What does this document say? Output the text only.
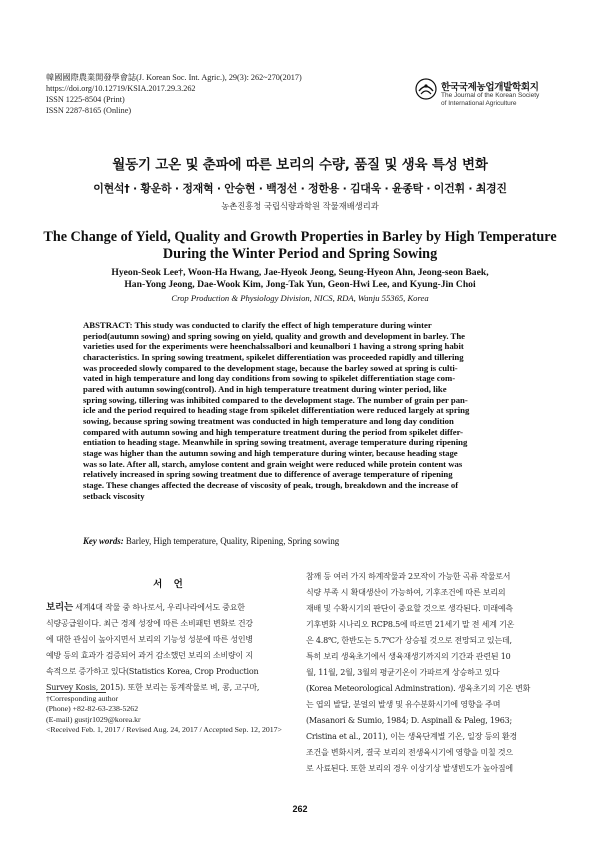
韓國國際農業開發學會誌(J. Korean Soc. Int. Agric.), 29(3): 262~270(2017)
https://doi.org/10.12719/KSIA.2017.29.3.262
ISSN 1225-8504 (Print)
ISSN 2287-8165 (Online)
한국국제농업개발학회지
The Journal of the Korean Society
of International Agriculture
월동기 고온 및 춘파에 따른 보리의 수량, 품질 및 생육 특성 변화
이현석† · 황운하 · 정재혁 · 안승현 · 백정선 · 정한용 · 김대욱 · 윤종탁 · 이건휘 · 최경진
농촌진흥청 국립식량과학원 작물재배생리과
The Change of Yield, Quality and Growth Properties in Barley by High Temperature
During the Winter Period and Spring Sowing
Hyeon-Seok Lee†, Woon-Ha Hwang, Jae-Hyeok Jeong, Seung-Hyeon Ahn, Jeong-seon Baek,
Han-Yong Jeong, Dae-Wook Kim, Jong-Tak Yun, Geon-Hwi Lee, and Kyung-Jin Choi
Crop Production & Physiology Division, NICS, RDA, Wanju 55365, Korea
ABSTRACT: This study was conducted to clarify the effect of high temperature during winter
period(autumn sowing) and spring sowing on yield, quality and growth and development in barley. The
varieties used for the experiments were heenchalssalbori and keunalbori 1 having a strong spring habit
characteristics. In spring sowing treatment, spikelet differentiation was proceeded rapidly and tillering
was proceeded slowly compared to the development stage, because the barley sowed at spring is culti-
vated in high temperature and long day conditions from sowing to spikelet differentiation stage com-
pared with autumn sowing(control). And in high temperature treatment during winter period, like
spring sowing, tillering was inhibited compared to the development stage. The number of grain per pan-
icle and the period required to heading stage from spikelet differentiation were reduced largely at spring
sowing, because spring sowing treatment was conducted in high temperature and long day condition
compared with autumn sowing and high temperature treatment during the period from spikelet differ-
entiation to heading stage. Meanwhile in spring sowing treatment, average temperature during ripening
stage was higher than the autumn sowing and high temperature during winter, because heading stage
was so late. After all, starch, amylose content and grain weight were reduced while protein content was
relatively increased in spring sowing treatment due to difference of average temperature of ripening
stage. These changes affected the decrease of viscosity of peak, trough, breakdown and the increase of
setback viscosity
Key words: Barley, High temperature, Quality, Ripening, Spring sowing
서 언
보리는 세계4대 작물 중 하나로서, 우리나라에서도 중요한
식량공급원이다. 최근 경제 성장에 따른 소비패턴 변화로 건강
에 대한 관심이 높아지면서 보리의 기능성 성분에 따른 성인병
예방 등의 효과가 검증되어 과거 감소했던 보리의 소비량이 지
속적으로 증가하고 있다(Statistics Korea, Crop Production
Survey Kosis, 2015). 또한 보리는 동계작물로 벼, 콩, 고구마,
†Corresponding author
(Phone) +82-82-63-238-5262
(E-mail) gustjr1029@korea.kr
<Received Feb. 1, 2017 / Revised Aug. 24, 2017 / Accepted Sep. 12, 2017>
참깨 등 여러 가지 하계작물과 2모작이 가능한 곡류 작물로서
식량 부족 시 확대생산이 가능하여, 기후조건에 따른 보리의
재배 및 수확시기의 판단이 중요할 것으로 생각된다. 미래예측
기후변화 시나리오 RCP8.5에 따르면 21세기 말 전 세계 기온
은 4.8℃, 한반도는 5.7℃가 상승될 것으로 전망되고 있는데,
특히 보리 생육초기에서 생육재생기까지의 기간과 관련된 10
월, 11월, 2월, 3월의 평균기온이 가파르게 상승하고 있다
(Korea Meteorological Adminstration). 생육초기의 기온 변화
는 엽의 발달, 분얼의 발생 및 유수분화시기에 영향을 주며
(Masanori & Sumio, 1984; D. Aspinall & Paleg, 1963;
Cristina et al., 2011), 이는 생육단계별 기온, 일장 등의 환경
조건을 변화시켜, 결국 보리의 전생육시기에 영향을 미칠 것으
로 사료된다. 또한 보리의 경우 이상기상 발생빈도가 높아짐에
262
